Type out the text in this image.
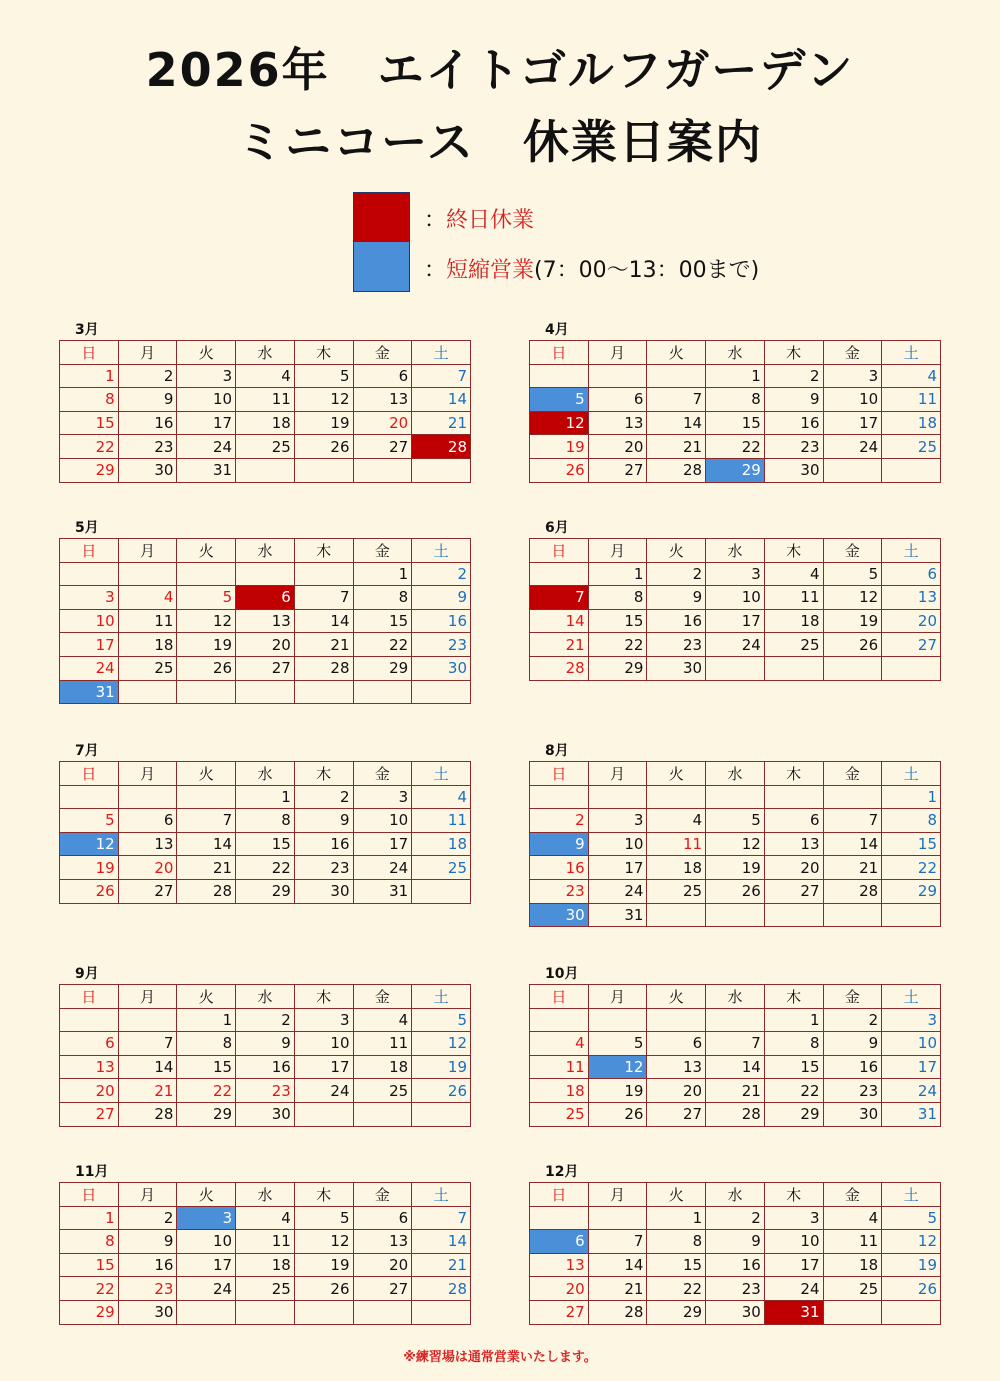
2026年　エイトゴルフガーデン
ミニコース　休業日案内
：終日休業
：短縮営業(7：00〜13：00まで)
3月
日	月	火	水	木	金	土
1	2	3	4	5	6	7
8	9	10	11	12	13	14
15	16	17	18	19	20	21
22	23	24	25	26	27	28
29	30	31				
4月
日	月	火	水	木	金	土
			1	2	3	4
5	6	7	8	9	10	11
12	13	14	15	16	17	18
19	20	21	22	23	24	25
26	27	28	29	30		
5月
日	月	火	水	木	金	土
					1	2
3	4	5	6	7	8	9
10	11	12	13	14	15	16
17	18	19	20	21	22	23
24	25	26	27	28	29	30
31						
6月
日	月	火	水	木	金	土
	1	2	3	4	5	6
7	8	9	10	11	12	13
14	15	16	17	18	19	20
21	22	23	24	25	26	27
28	29	30				
7月
日	月	火	水	木	金	土
			1	2	3	4
5	6	7	8	9	10	11
12	13	14	15	16	17	18
19	20	21	22	23	24	25
26	27	28	29	30	31	
8月
日	月	火	水	木	金	土
						1
2	3	4	5	6	7	8
9	10	11	12	13	14	15
16	17	18	19	20	21	22
23	24	25	26	27	28	29
30	31					
9月
日	月	火	水	木	金	土
		1	2	3	4	5
6	7	8	9	10	11	12
13	14	15	16	17	18	19
20	21	22	23	24	25	26
27	28	29	30			
10月
日	月	火	水	木	金	土
				1	2	3
4	5	6	7	8	9	10
11	12	13	14	15	16	17
18	19	20	21	22	23	24
25	26	27	28	29	30	31
11月
日	月	火	水	木	金	土
1	2	3	4	5	6	7
8	9	10	11	12	13	14
15	16	17	18	19	20	21
22	23	24	25	26	27	28
29	30					
12月
日	月	火	水	木	金	土
		1	2	3	4	5
6	7	8	9	10	11	12
13	14	15	16	17	18	19
20	21	22	23	24	25	26
27	28	29	30	31		
※練習場は通常営業いたします。
